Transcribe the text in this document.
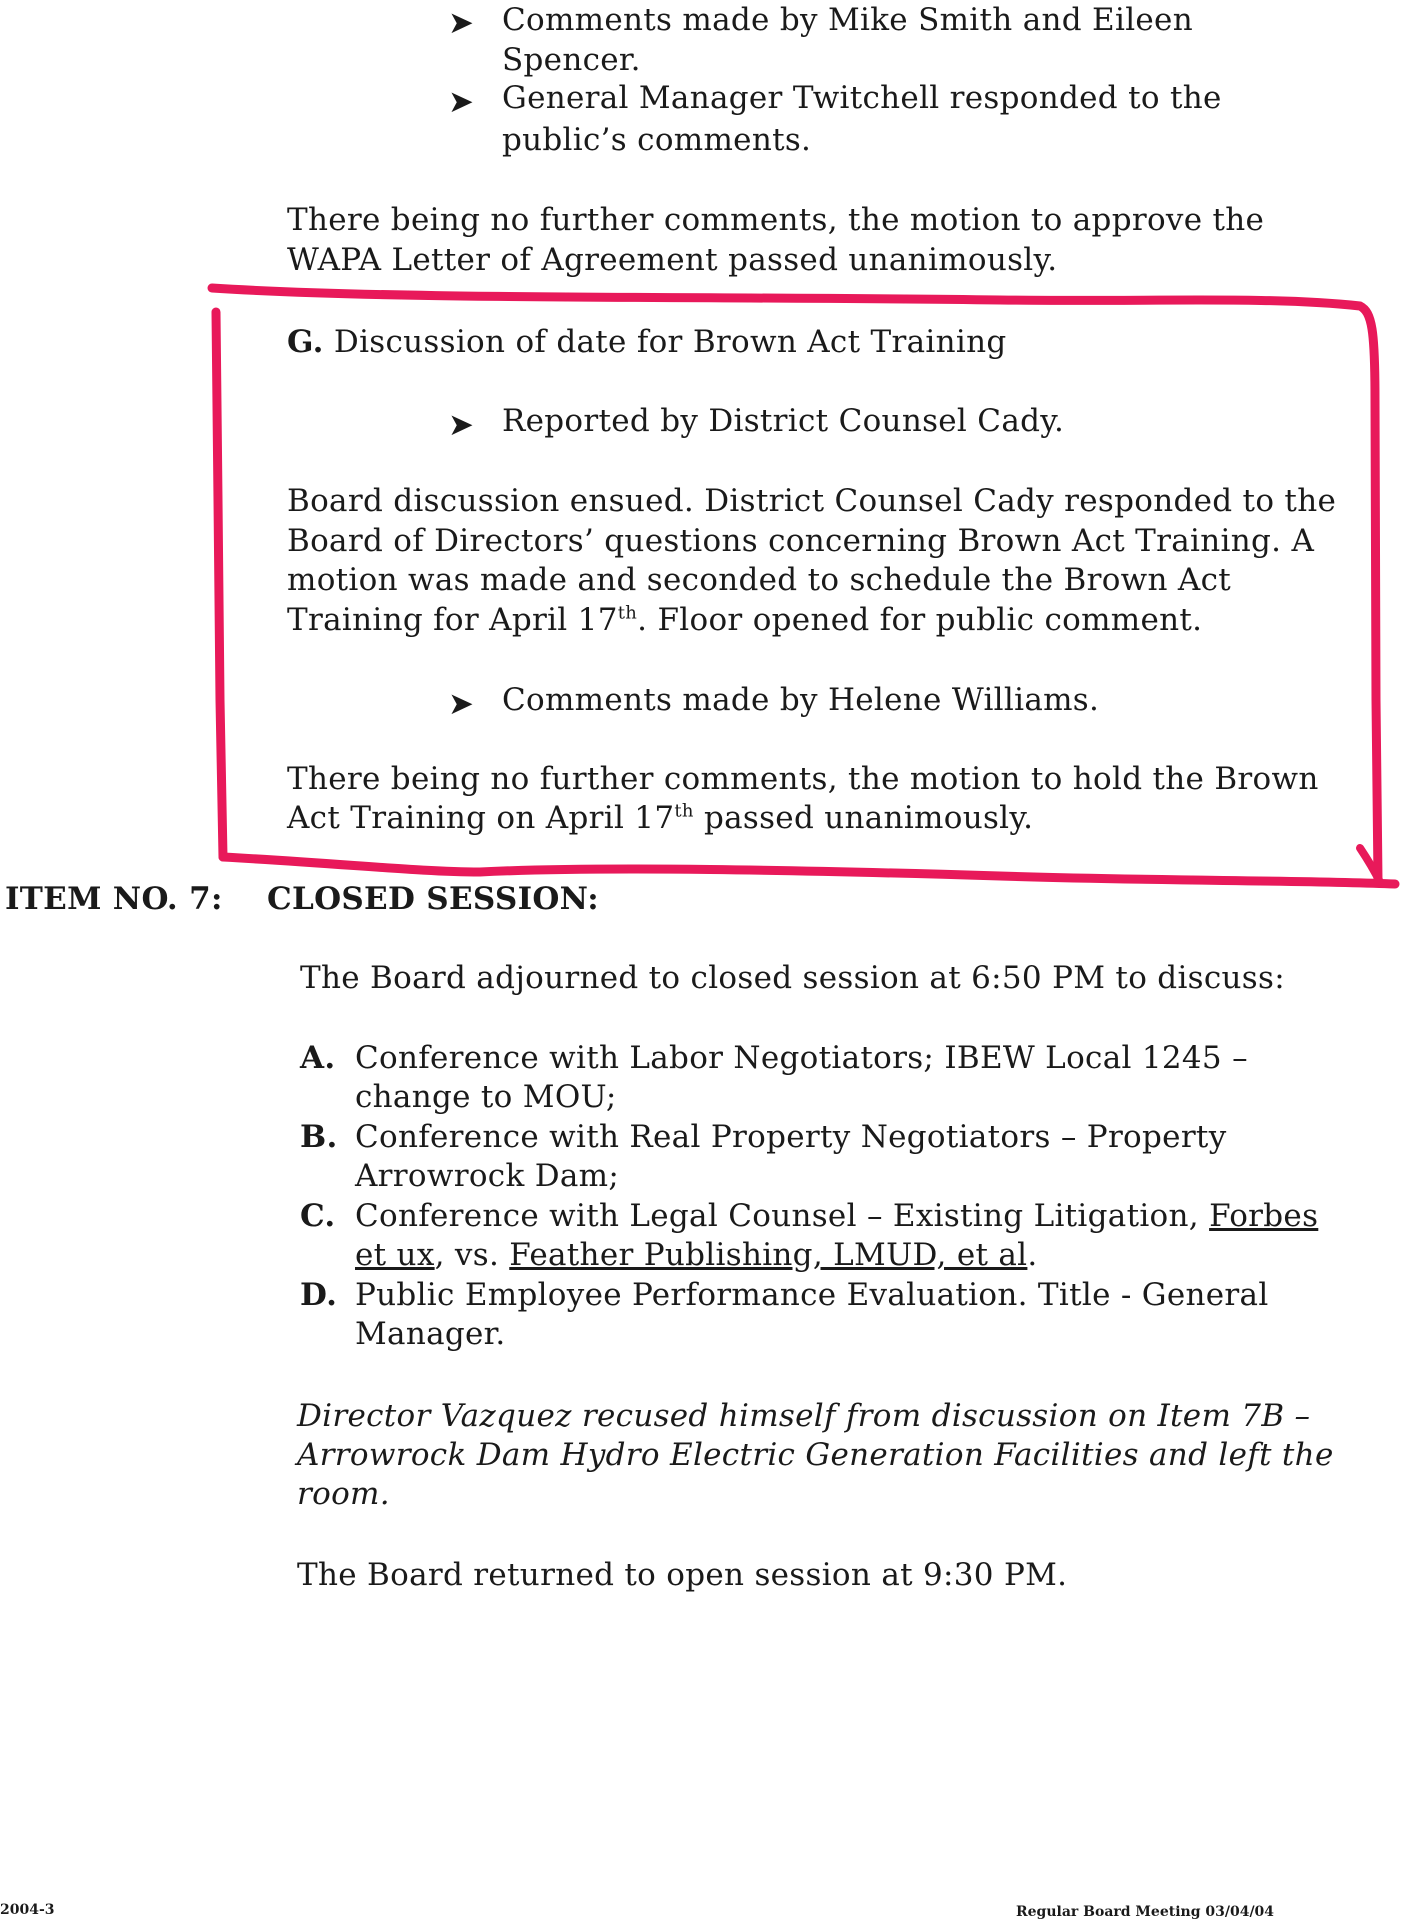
➤ Comments made by Mike Smith and Eileen
Spencer.
➤ General Manager Twitchell responded to the
public’s comments.
There being no further comments, the motion to approve the
WAPA Letter of Agreement passed unanimously.
G. Discussion of date for Brown Act Training
➤ Reported by District Counsel Cady.
Board discussion ensued. District Counsel Cady responded to the
Board of Directors’ questions concerning Brown Act Training. A
motion was made and seconded to schedule the Brown Act
Training for April 17th. Floor opened for public comment.
➤ Comments made by Helene Williams.
There being no further comments, the motion to hold the Brown
Act Training on April 17th passed unanimously.
ITEM NO. 7: CLOSED SESSION:
The Board adjourned to closed session at 6:50 PM to discuss:
A. Conference with Labor Negotiators; IBEW Local 1245 –
change to MOU;
B. Conference with Real Property Negotiators – Property
Arrowrock Dam;
C. Conference with Legal Counsel – Existing Litigation, Forbes
et ux, vs. Feather Publishing, LMUD, et al.
D. Public Employee Performance Evaluation. Title - General
Manager.
Director Vazquez recused himself from discussion on Item 7B –
Arrowrock Dam Hydro Electric Generation Facilities and left the
room.
The Board returned to open session at 9:30 PM.
2004-3	Regular Board Meeting 03/04/04
